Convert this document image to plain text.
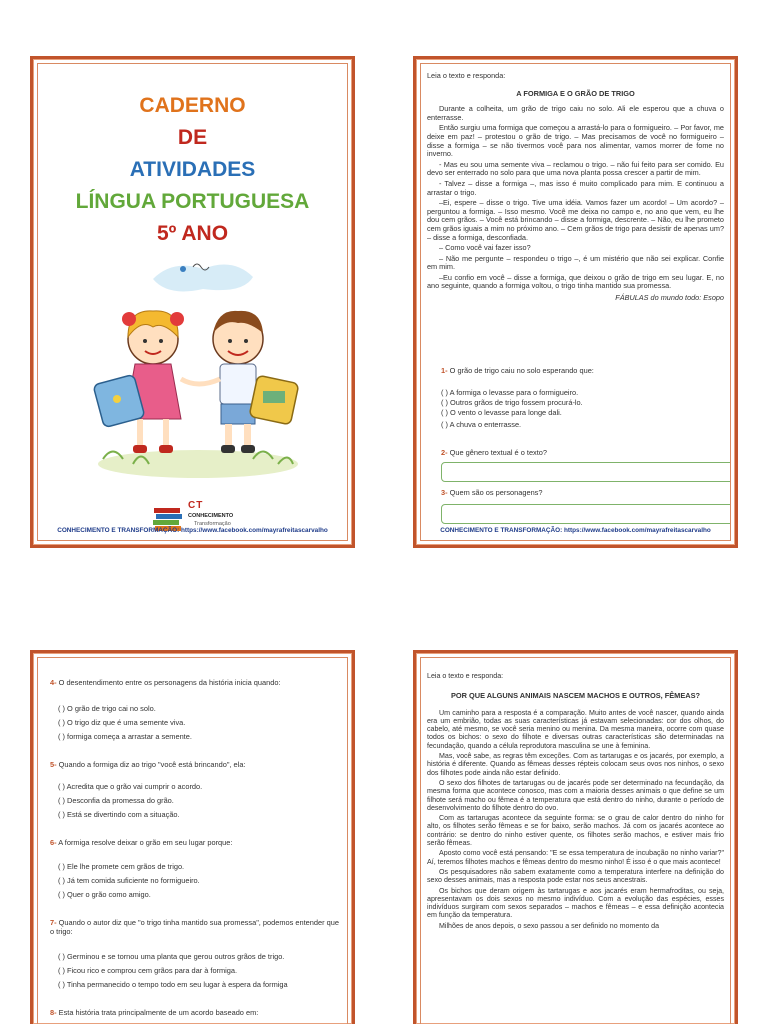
CADERNO
DE
ATIVIDADES
LÍNGUA PORTUGUESA
5º ANO
CT
CONHECIMENTO
Transformação
CONHECIMENTO E TRANSFORMAÇÃO: https://www.facebook.com/mayrafreitascarvalho
Leia o texto e responda:
A FORMIGA E O GRÃO DE TRIGO

Durante a colheita, um grão de trigo caiu no solo. Ali ele esperou que a chuva o enterrasse.

Então surgiu uma formiga que começou a arrastá-lo para o formigueiro. – Por favor, me deixe em paz! – protestou o grão de trigo. – Mas precisamos de você no formigueiro – disse a formiga – se não tivermos você para nos alimentar, vamos morrer de fome no inverno.

- Mas eu sou uma semente viva – reclamou o trigo. – não fui feito para ser comido. Eu devo ser enterrado no solo para que uma nova planta possa crescer a partir de mim.

- Talvez – disse a formiga –, mas isso é muito complicado para mim. E continuou a arrastar o trigo.

–Ei, espere – disse o trigo. Tive uma idéia. Vamos fazer um acordo! – Um acordo? – perguntou a formiga. – Isso mesmo. Você me deixa no campo e, no ano que vem, eu lhe dou cem grãos. – Você está brincando – disse a formiga, descrente. – Não, eu lhe prometo cem grãos iguais a mim no próximo ano. – Cem grãos de trigo para desistir de apenas um? – disse a formiga, desconfiada.

– Como você vai fazer isso?

– Não me pergunte – respondeu o trigo –, é um mistério que não sei explicar. Confie em mim.

–Eu confio em você – disse a formiga, que deixou o grão de trigo em seu lugar. E, no ano seguinte, quando a formiga voltou, o trigo tinha mantido sua promessa.

FÁBULAS do mundo todo: Esopo
1- O grão de trigo caiu no solo esperando que:
( ) A formiga o levasse para o formigueiro.
( ) Outros grãos de trigo fossem procurá-lo.
( ) O vento o levasse para longe dali.
( ) A chuva o enterrasse.
2- Que gênero textual é o texto?
3- Quem são os personagens?
CONHECIMENTO E TRANSFORMAÇÃO: https://www.facebook.com/mayrafreitascarvalho
4- O desentendimento entre os personagens da história inicia quando:
( ) O grão de trigo cai no solo.
( ) O trigo diz que é uma semente viva.
( ) formiga começa a arrastar a semente.
5- Quando a formiga diz ao trigo "você está brincando", ela:
( ) Acredita que o grão vai cumprir o acordo.
( ) Desconfia da promessa do grão.
( ) Está se divertindo com a situação.
6- A formiga resolve deixar o grão em seu lugar porque:
( ) Ele lhe promete cem grãos de trigo.
( ) Já tem comida suficiente no formigueiro.
( ) Quer o grão como amigo.
7- Quando o autor diz que "o trigo tinha mantido sua promessa", podemos entender que o trigo:
( ) Germinou e se tornou uma planta que gerou outros grãos de trigo.
( ) Ficou rico e comprou cem grãos para dar à formiga.
( ) Tinha permanecido o tempo todo em seu lugar à espera da formiga
8- Esta história trata principalmente de um acordo baseado em:
Leia o texto e responda:
POR QUE ALGUNS ANIMAIS NASCEM MACHOS E OUTROS, FÊMEAS?

Um caminho para a resposta é a comparação. Muito antes de você nascer, quando ainda era um embrião, todas as suas características já estavam selecionadas: cor dos olhos, do cabelo, até mesmo, se você seria menino ou menina. Da mesma maneira, ocorre com quase todos os bichos: o sexo do filhote e diversas outras características são determinadas na fecundação, quando a célula reprodutora masculina se une à feminina.

Mas, você sabe, as regras têm exceções. Com as tartarugas e os jacarés, por exemplo, a história é diferente. Quando as fêmeas desses répteis colocam seus ovos nos ninhos, o sexo dos filhotes pode ainda não estar definido.

O sexo dos filhotes de tartarugas ou de jacarés pode ser determinado na fecundação, da mesma forma que acontece conosco, mas com a maioria desses animais o que define se um filhote será macho ou fêmea é a temperatura que está dentro do ninho, durante o período de desenvolvimento do filhote dentro do ovo.

Com as tartarugas acontece da seguinte forma: se o grau de calor dentro do ninho for alto, os filhotes serão fêmeas e se for baixo, serão machos. Já com os jacarés acontece ao contrário: se dentro do ninho estiver quente, os filhotes serão machos, e estiver mais frio serão fêmeas.

Aposto como você está pensando: "E se essa temperatura de incubação no ninho variar?" Aí, teremos filhotes machos e fêmeas dentro do mesmo ninho! É isso é o que mais acontece!

Os pesquisadores não sabem exatamente como a temperatura interfere na definição do sexo desses animais, mas a resposta pode estar nos seus ancestrais.

Os bichos que deram origem às tartarugas e aos jacarés eram hermafroditas, ou seja, apresentavam os dois sexos no mesmo indivíduo. Com a evolução das espécies, esses indivíduos surgiram com sexos separados – machos e fêmeas – e essa definição acontecia em função da temperatura.

Milhões de anos depois, o sexo passou a ser definido no momento da
